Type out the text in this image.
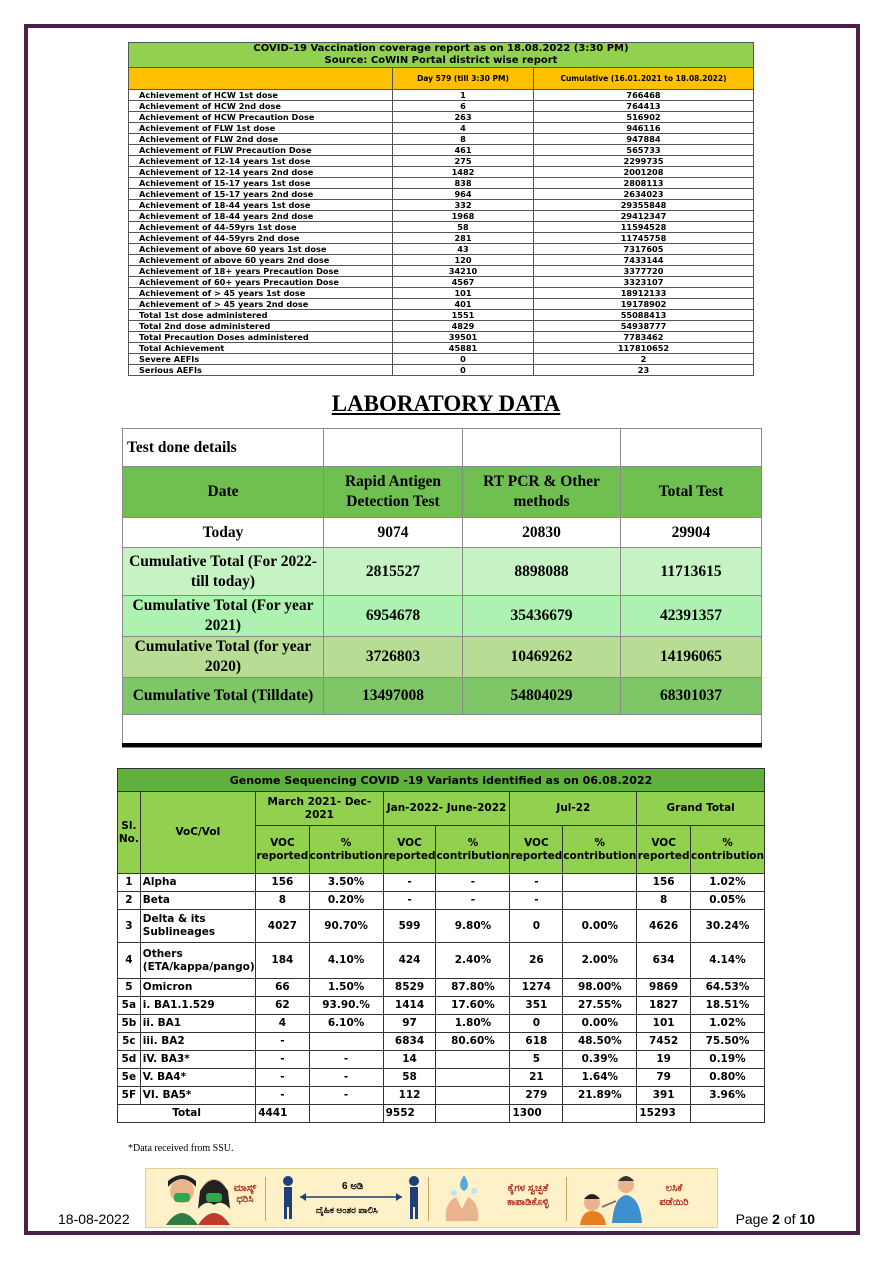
COVID-19 Vaccination coverage report as on 18.08.2022 (3:30 PM)
Source: CoWIN Portal district wise report		
	Day 579 (till 3:30 PM)	Cumulative (16.01.2021 to 18.08.2022)
Achievement of HCW 1st dose	1	766468
Achievement of HCW 2nd dose	6	764413
Achievement of HCW Precaution Dose	263	516902
Achievement of FLW 1st dose	4	946116
Achievement of FLW 2nd dose	8	947884
Achievement of FLW Precaution Dose	461	565733
Achievement of 12-14 years 1st dose	275	2299735
Achievement of 12-14 years 2nd dose	1482	2001208
Achievement of 15-17 years 1st dose	838	2808113
Achievement of 15-17 years 2nd dose	964	2634023
Achievement of 18-44 years 1st dose	332	29355848
Achievement of 18-44 years 2nd dose	1968	29412347
Achievement of 44-59yrs 1st dose	58	11594528
Achievement of 44-59yrs 2nd dose	281	11745758
Achievement of above 60 years 1st dose	43	7317605
Achievement of above 60 years 2nd dose	120	7433144
Achievement of 18+ years Precaution Dose	34210	3377720
Achievement of 60+ years Precaution Dose	4567	3323107
Achievement of > 45 years 1st dose	101	18912133
Achievement of > 45 years 2nd dose	401	19178902
Total 1st dose administered	1551	55088413
Total 2nd dose administered	4829	54938777
Total Precaution Doses administered	39501	7783462
Total Achievement	45881	117810652
Severe AEFIs	0	2
Serious AEFIs	0	23
LABORATORY DATA
Test done details			
Date	Rapid Antigen Detection Test	RT PCR & Other methods	Total Test
Today	9074	20830	29904
Cumulative Total (For 2022- till today)	2815527	8898088	11713615
Cumulative Total (For year 2021)	6954678	35436679	42391357
Cumulative Total (for year 2020)	3726803	10469262	14196065
Cumulative Total (Tilldate)	13497008	54804029	68301037

Genome Sequencing COVID -19 Variants identified as on 06.08.2022									
Sl. No.	VoC/VoI	March 2021- Dec-2021		Jan-2022- June-2022		Jul-22		Grand Total	
		VOC reported	% contribution	VOC reported	% contribution	VOC reported	% contribution	VOC reported	% contribution
1	Alpha	156	3.50%	-	-	-		156	1.02%
2	Beta	8	0.20%	-	-	-		8	0.05%
3	Delta & its Sublineages	4027	90.70%	599	9.80%	0	0.00%	4626	30.24%
4	Others (ETA/kappa/pango)	184	4.10%	424	2.40%	26	2.00%	634	4.14%
5	Omicron	66	1.50%	8529	87.80%	1274	98.00%	9869	64.53%
5a	i. BA1.1.529	62	93.90.%	1414	17.60%	351	27.55%	1827	18.51%
5b	ii. BA1	4	6.10%	97	1.80%	0	0.00%	101	1.02%
5c	iii. BA2	-		6834	80.60%	618	48.50%	7452	75.50%
5d	iV. BA3*	-	-	14		5	0.39%	19	0.19%
5e	V. BA4*	-	-	58		21	1.64%	79	0.80%
5F	VI. BA5*	-	-	112		279	21.89%	391	3.96%
Total		4441		9552		1300		15293	
*Data received from SSU.
ಮಾಸ್ಕ್ ಧರಿಸಿ
6 ಅಡಿ
ದೈಹಿಕ ಅಂತರ ಪಾಲಿಸಿ
ಕೈಗಳ ಸ್ವಚ್ಛತೆ ಕಾಪಾಡಿಕೊಳ್ಳಿ
ಲಸಿಕೆ ಪಡೆಯಿರಿ
18-08-2022	Page 2 of 10
